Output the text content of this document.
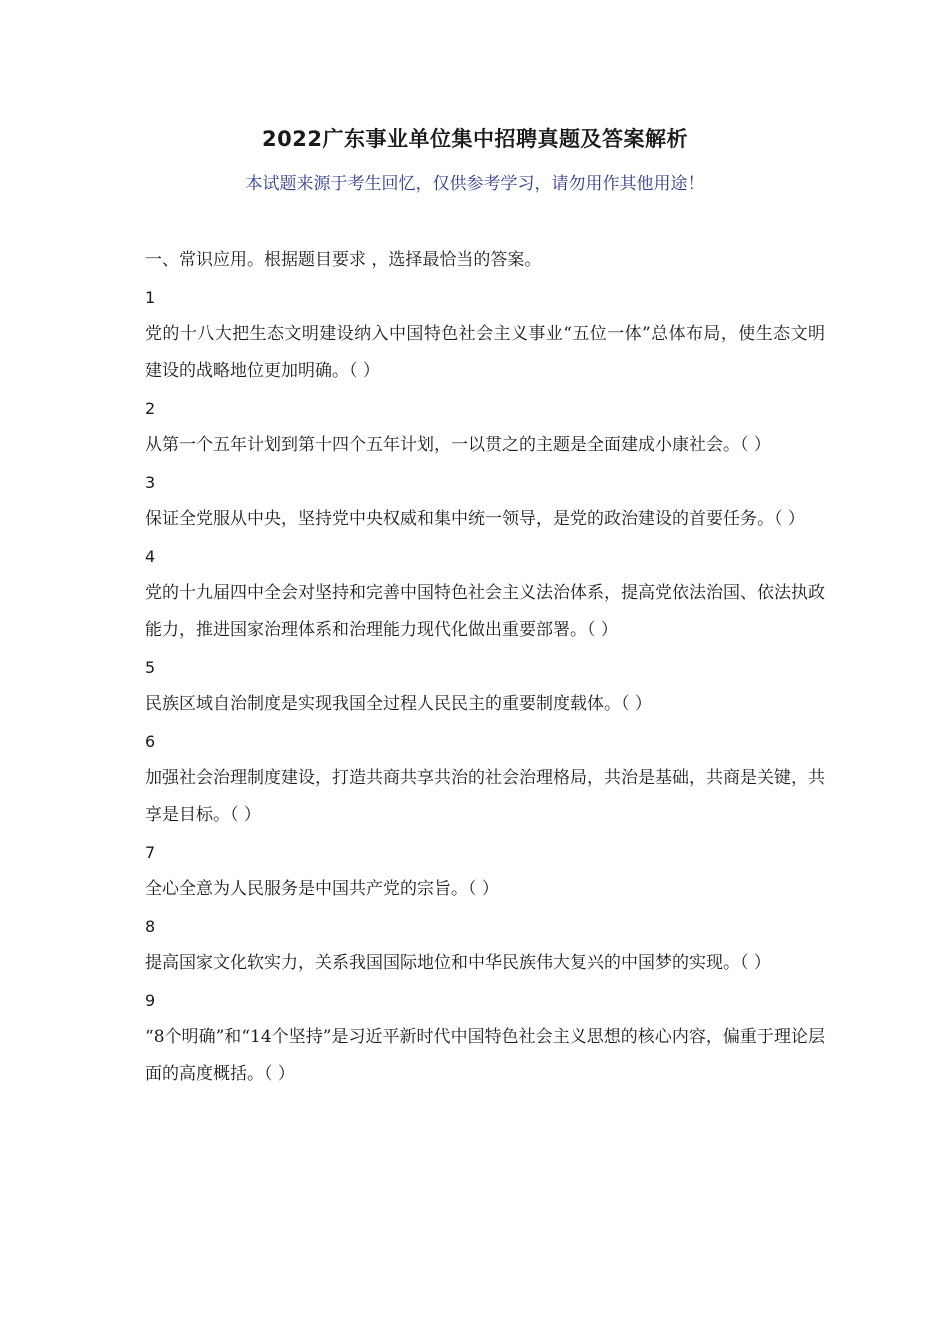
2022广东事业单位集中招聘真题及答案解析
本试题来源于考生回忆，仅供参考学习，请勿用作其他用途！

一、常识应用。根据题目要求 ，选择最恰当的答案。

1

党的十八大把生态文明建设纳入中国特色社会主义事业“五位一体”总体布局，使生态文明建设的战略地位更加明确。（ ）

2

从第一个五年计划到第十四个五年计划，一以贯之的主题是全面建成小康社会。（ ）

3

保证全党服从中央，坚持党中央权威和集中统一领导，是党的政治建设的首要任务。（ ）

4

党的十九届四中全会对坚持和完善中国特色社会主义法治体系，提高党依法治国、依法执政能力，推进国家治理体系和治理能力现代化做出重要部署。（ ）

5

民族区域自治制度是实现我国全过程人民民主的重要制度载体。（ ）

6

加强社会治理制度建设，打造共商共享共治的社会治理格局，共治是基础，共商是关键，共享是目标。（ ）

7

全心全意为人民服务是中国共产党的宗旨。（ ）

8

提高国家文化软实力，关系我国国际地位和中华民族伟大复兴的中国梦的实现。（ ）

9

“8个明确”和“14个坚持”是习近平新时代中国特色社会主义思想的核心内容，偏重于理论层面的高度概括。（ ）
